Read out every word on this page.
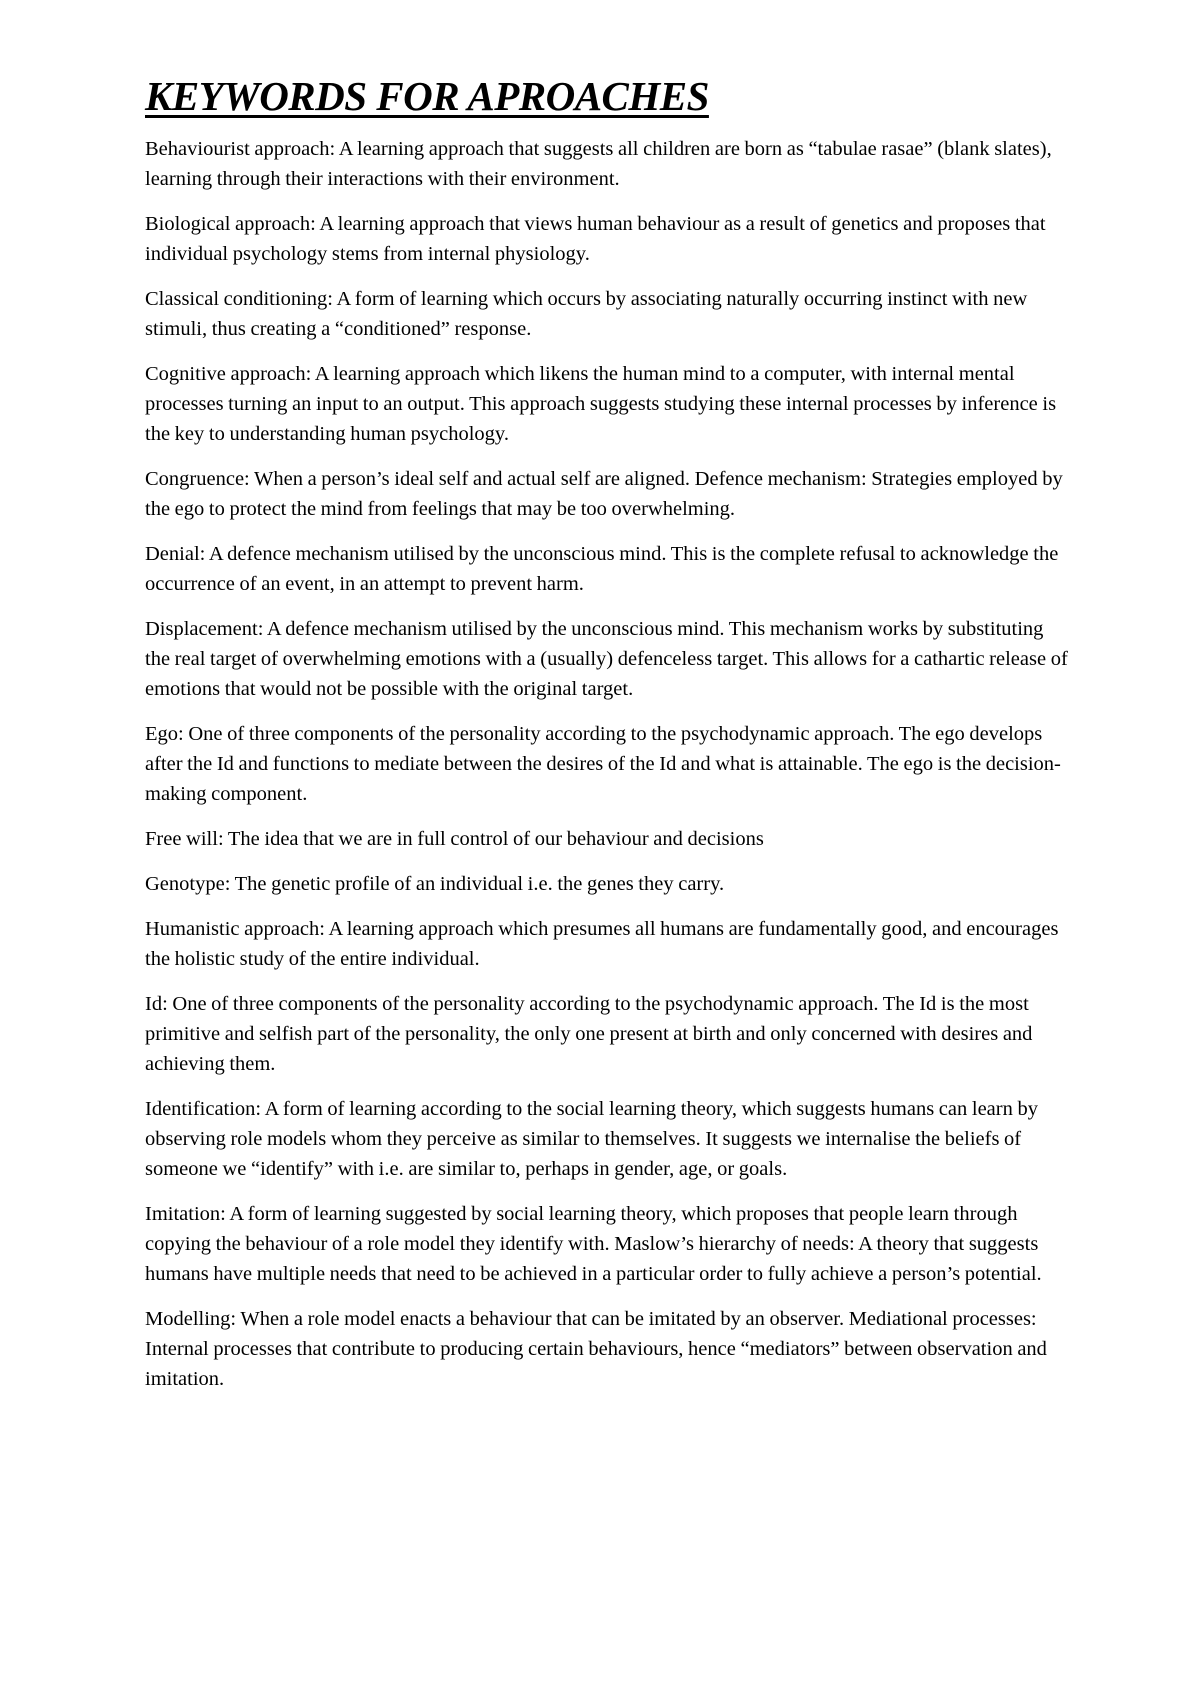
KEYWORDS FOR APROACHES

Behaviourist approach: A learning approach that suggests all children are born as “tabulae rasae” (blank slates), learning through their interactions with their environment.

Biological approach: A learning approach that views human behaviour as a result of genetics and proposes that individual psychology stems from internal physiology.

Classical conditioning: A form of learning which occurs by associating naturally occurring instinct with new stimuli, thus creating a “conditioned” response.

Cognitive approach: A learning approach which likens the human mind to a computer, with internal mental processes turning an input to an output. This approach suggests studying these internal processes by inference is the key to understanding human psychology.

Congruence: When a person’s ideal self and actual self are aligned. Defence mechanism: Strategies employed by the ego to protect the mind from feelings that may be too overwhelming.

Denial: A defence mechanism utilised by the unconscious mind. This is the complete refusal to acknowledge the occurrence of an event, in an attempt to prevent harm.

Displacement: A defence mechanism utilised by the unconscious mind. This mechanism works by substituting the real target of overwhelming emotions with a (usually) defenceless target. This allows for a cathartic release of emotions that would not be possible with the original target.

Ego: One of three components of the personality according to the psychodynamic approach. The ego develops after the Id and functions to mediate between the desires of the Id and what is attainable. The ego is the decision-making component.

Free will: The idea that we are in full control of our behaviour and decisions

Genotype: The genetic profile of an individual i.e. the genes they carry.

Humanistic approach: A learning approach which presumes all humans are fundamentally good, and encourages the holistic study of the entire individual.

Id: One of three components of the personality according to the psychodynamic approach. The Id is the most primitive and selfish part of the personality, the only one present at birth and only concerned with desires and achieving them.

Identification: A form of learning according to the social learning theory, which suggests humans can learn by observing role models whom they perceive as similar to themselves. It suggests we internalise the beliefs of someone we “identify” with i.e. are similar to, perhaps in gender, age, or goals.

Imitation: A form of learning suggested by social learning theory, which proposes that people learn through copying the behaviour of a role model they identify with. Maslow’s hierarchy of needs: A theory that suggests humans have multiple needs that need to be achieved in a particular order to fully achieve a person’s potential.

Modelling: When a role model enacts a behaviour that can be imitated by an observer. Mediational processes: Internal processes that contribute to producing certain behaviours, hence “mediators” between observation and imitation.
